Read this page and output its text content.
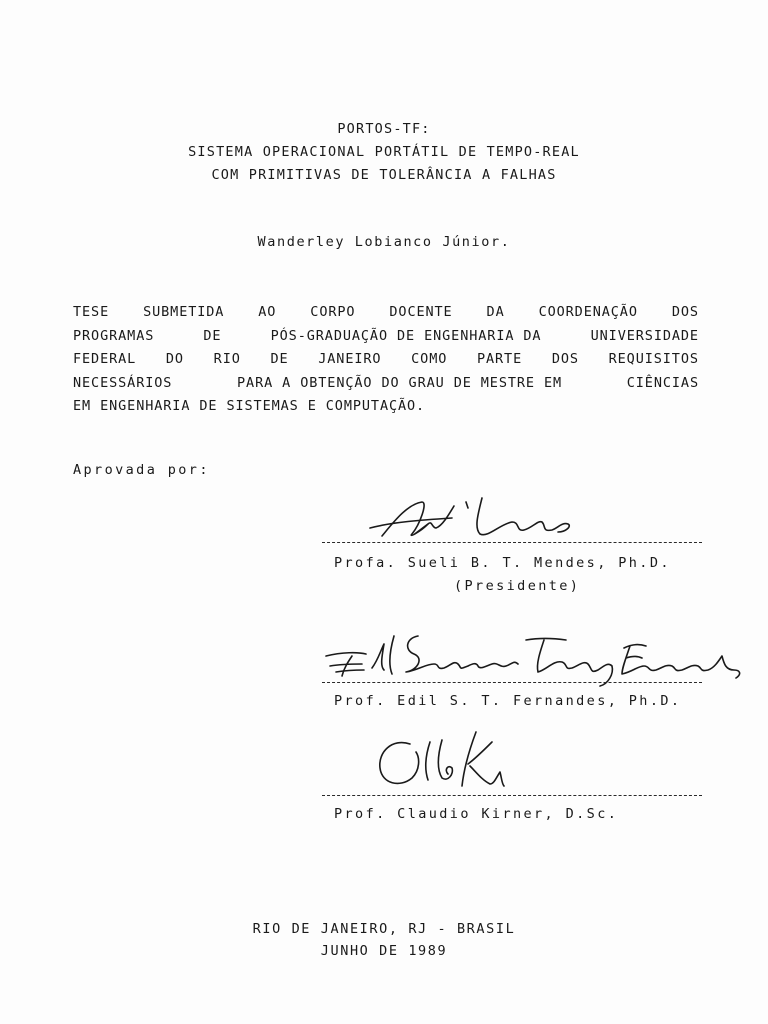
PORTOS-TF:
SISTEMA OPERACIONAL PORTÁTIL DE TEMPO-REAL
COM PRIMITIVAS DE TOLERÂNCIA A FALHAS
Wanderley Lobianco Júnior.
TESE	SUBMETIDA	AO	CORPO	DOCENTE	DA	COORDENAÇÃO	DOS
PROGRAMAS	DE	PÓS-GRADUAÇÃO DE ENGENHARIA DA	UNIVERSIDADE
FEDERAL DO RIO DE JANEIRO COMO PARTE DOS REQUISITOS
NECESSÁRIOS	PARA A OBTENÇÃO DO GRAU DE MESTRE EM	CIÊNCIAS
EM ENGENHARIA DE SISTEMAS E COMPUTAÇÃO.
Aprovada por:
Profa. Sueli B. T. Mendes, Ph.D.
(Presidente)
Prof. Edil S. T. Fernandes, Ph.D.
Prof. Claudio Kirner, D.Sc.
RIO DE JANEIRO, RJ - BRASIL
JUNHO DE 1989
